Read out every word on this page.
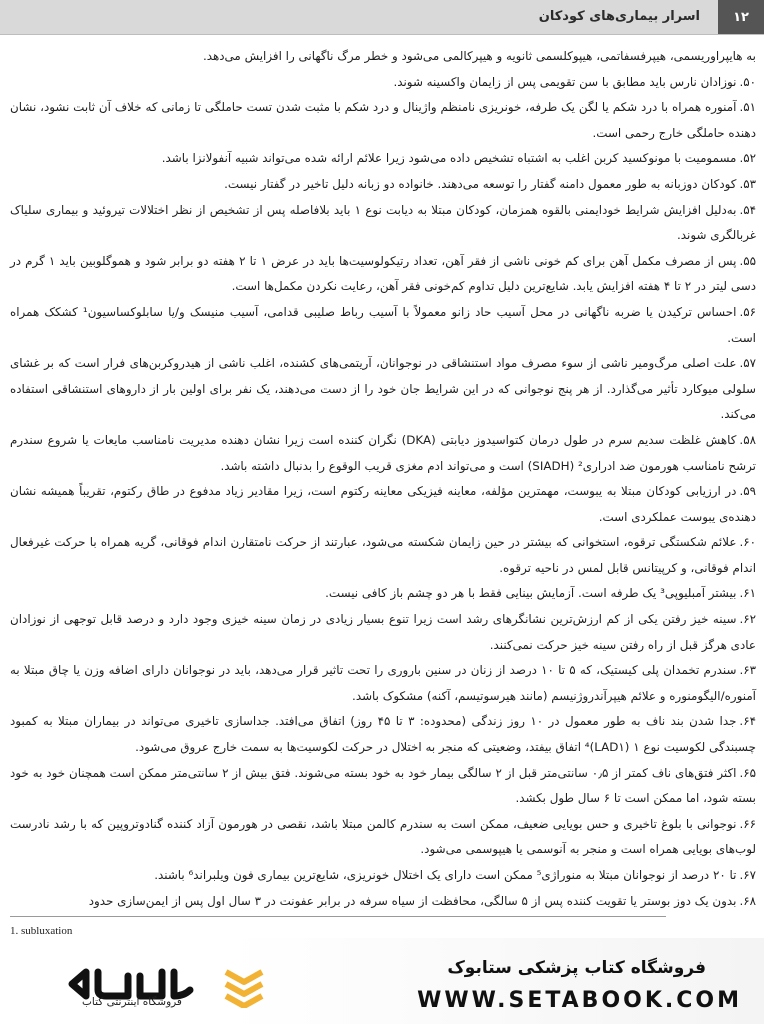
۱۲
اسرار بیماری‌های کودکان
به هایپراوریسمی، هیپرفسفاتمی، هیپوکلسمی ثانویه و هیپرکالمی می‌شود و خطر مرگ ناگهانی را افزایش می‌دهد.
۵۰.نوزادان نارس باید مطابق با سن تقویمی پس از زایمان واکسینه شوند.
۵۱.آمنوره همراه با درد شکم یا لگن یک طرفه، خونریزی نامنظم واژینال و درد شکم با مثبت شدن تست حاملگی تا زمانی که خلاف آن ثابت نشود، نشان دهنده حاملگی خارج رحمی است.
۵۲.مسمومیت با مونوکسید کربن اغلب به اشتباه تشخیص داده می‌شود زیرا علائم ارائه شده می‌تواند شبیه آنفولانزا باشد.
۵۳.کودکان دوزبانه به طور معمول دامنه گفتار را توسعه می‌دهند. خانواده دو زبانه دلیل تاخیر در گفتار نیست.
۵۴.به‌دلیل افزایش شرایط خودایمنی بالقوه همزمان، کودکان مبتلا به دیابت نوع ۱ باید بلافاصله پس از تشخیص از نظر اختلالات تیروئید و بیماری سلیاک غربالگری شوند.
۵۵.پس از مصرف مکمل آهن برای کم خونی ناشی از فقر آهن، تعداد رتیکولوسیت‌ها باید در عرض ۱ تا ۲ هفته دو برابر شود و هموگلوبین باید ۱ گرم در دسی لیتر در ۲ تا ۴ هفته افزایش یابد. شایع‌ترین دلیل تداوم کم‌خونی فقر آهن، رعایت نکردن مکمل‌ها است.
۵۶.احساس ترکیدن یا ضربه ناگهانی در محل آسیب حاد زانو معمولاً با آسیب رباط صلیبی قدامی، آسیب منیسک و/یا سابلوکساسیون¹ کشکک همراه است.
۵۷.علت اصلی مرگ‌ومیر ناشی از سوء مصرف مواد استنشاقی در نوجوانان، آریتمی‌های کشنده، اغلب ناشی از هیدروکربن‌های فرار است که بر غشای سلولی میوکارد تأثیر می‌گذارد. از هر پنج نوجوانی که در این شرایط جان خود را از دست می‌دهند، یک نفر برای اولین بار از داروهای استنشاقی استفاده می‌کند.
۵۸.کاهش غلظت سدیم سرم در طول درمان کتواسیدوز دیابتی (DKA) نگران کننده است زیرا نشان دهنده مدیریت نامناسب مایعات یا شروع سندرم ترشح نامناسب هورمون ضد ادراری² (SIADH) است و می‌تواند ادم مغزی قریب الوقوع را بدنبال داشته باشد.
۵۹.در ارزیابی کودکان مبتلا به یبوست، مهمترین مؤلفه، معاینه فیزیکی معاینه رکتوم است، زیرا مقادیر زیاد مدفوع در طاق رکتوم، تقریباً همیشه نشان دهنده‌ی یبوست عملکردی است.
۶۰.علائم شکستگی ترقوه، استخوانی که بیشتر در حین زایمان شکسته می‌شود، عبارتند از حرکت نامتقارن اندام فوقانی، گریه همراه با حرکت غیرفعال اندام فوقانی، و کرپیتانس قابل لمس در ناحیه ترقوه.
۶۱.بیشتر آمبلیوپی³ یک طرفه است. آزمایش بینایی فقط با هر دو چشم باز کافی نیست.
۶۲.سینه خیز رفتن یکی از کم ارزش‌ترین نشانگرهای رشد است زیرا تنوع بسیار زیادی در زمان سینه خیزی وجود دارد و درصد قابل توجهی از نوزادان عادی هرگز قبل از راه رفتن سینه خیز حرکت نمی‌کنند.
۶۳.سندرم تخمدان پلی کیستیک، که ۵ تا ۱۰ درصد از زنان در سنین باروری را تحت تاثیر قرار می‌دهد، باید در نوجوانان دارای اضافه وزن یا چاق مبتلا به آمنوره/الیگومنوره و علائم هیپرآندروژنیسم (مانند هیرسوتیسم، آکنه) مشکوک باشد.
۶۴.جدا شدن بند ناف به طور معمول در ۱۰ روز زندگی (محدوده: ۳ تا ۴۵ روز) اتفاق می‌افتد. جداسازی تاخیری می‌تواند در بیماران مبتلا به کمبود چسبندگی لکوسیت نوع ۱ (LAD۱)⁴ اتفاق بیفتد، وضعیتی که منجر به اختلال در حرکت لکوسیت‌ها به سمت خارج عروق می‌شود.
۶۵.اکثر فتق‌های ناف کمتر از ۰٫۵ سانتی‌متر قبل از ۲ سالگی بیمار خود به خود بسته می‌شوند. فتق بیش از ۲ سانتی‌متر ممکن است همچنان خود به خود بسته شود، اما ممکن است تا ۶ سال طول بکشد.
۶۶.نوجوانی با بلوغ تاخیری و حس بویایی ضعیف، ممکن است به سندرم کالمن مبتلا باشد، نقصی در هورمون آزاد کننده گنادوتروپین که با رشد نادرست لوب‌های بویایی همراه است و منجر به آنوسمی یا هیپوسمی می‌شود.
۶۷.تا ۲۰ درصد از نوجوانان مبتلا به منوراژی⁵ ممکن است دارای یک اختلال خونریزی، شایع‌ترین بیماری فون ویلبراند⁶ باشند.
۶۸.بدون یک دوز بوستر یا تقویت کننده پس از ۵ سالگی، محافظت از سیاه سرفه در برابر عفونت در ۳ سال اول پس از ایمن‌سازی حدود
1. subluxation
فروشگاه کتاب پزشکی ستابوک
WWW.SETABOOK.COM
فروشگاه اینترنتی کتاب
